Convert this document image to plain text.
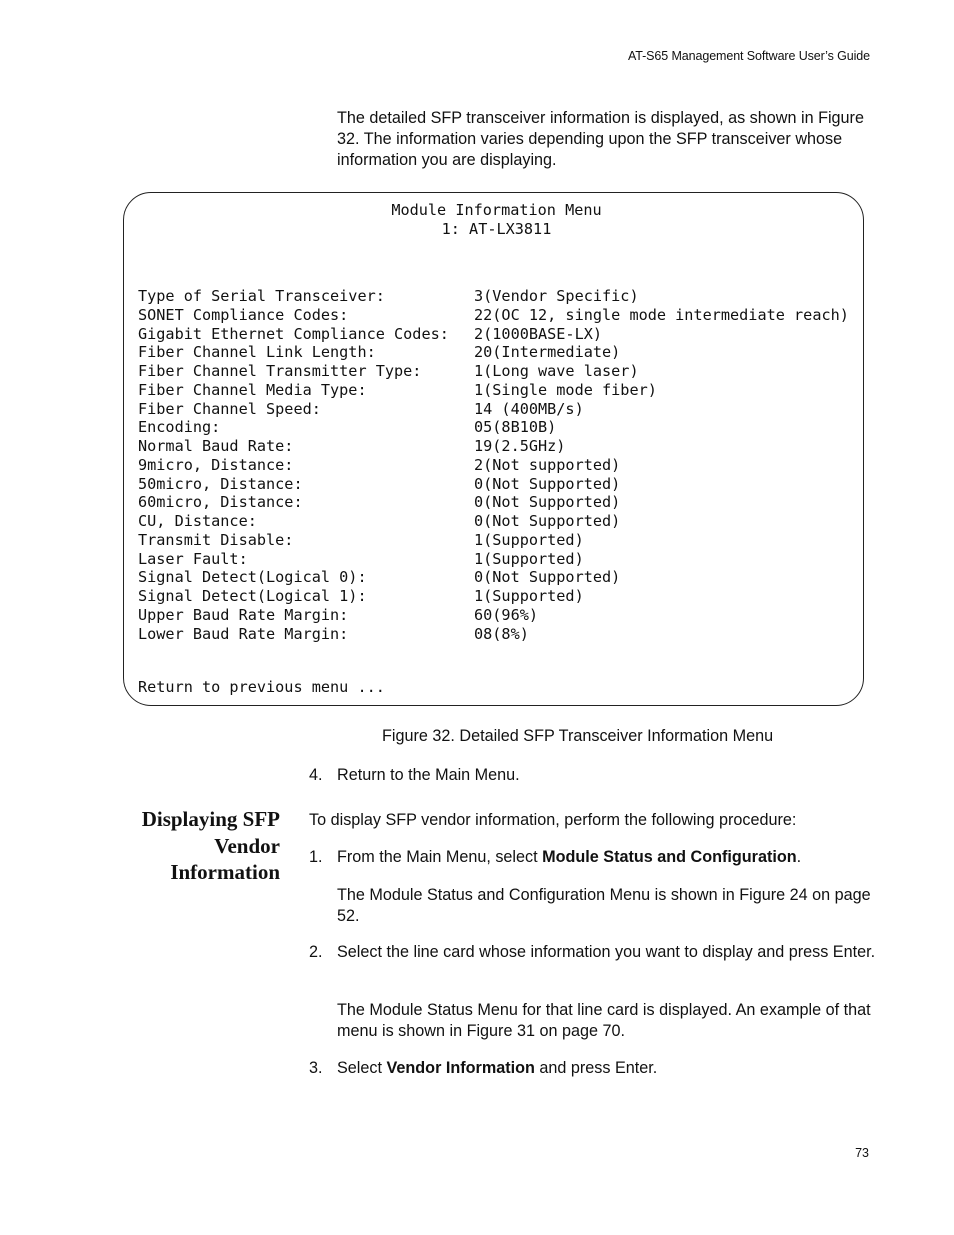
AT-S65 Management Software User’s Guide
The detailed SFP transceiver information is displayed, as shown in Figure 32. The information varies depending upon the SFP transceiver whose information you are displaying.
Module Information Menu
1: AT-LX3811
Type of Serial Transceiver:	3(Vendor Specific)
SONET Compliance Codes:	22(OC 12, single mode intermediate reach)
Gigabit Ethernet Compliance Codes: 2(1000BASE-LX)
Fiber Channel Link Length:	20(Intermediate)
Fiber Channel Transmitter Type:	1(Long wave laser)
Fiber Channel Media Type:	1(Single mode fiber)
Fiber Channel Speed:	14 (400MB/s)
Encoding:	05(8B10B)
Normal Baud Rate:	19(2.5GHz)
9micro, Distance:	2(Not supported)
50micro, Distance:	0(Not Supported)
60micro, Distance:	0(Not Supported)
CU, Distance:	0(Not Supported)
Transmit Disable:	1(Supported)
Laser Fault:	1(Supported)
Signal Detect(Logical 0):	0(Not Supported)
Signal Detect(Logical 1):	1(Supported)
Upper Baud Rate Margin:	60(96%)
Lower Baud Rate Margin:	08(8%)
Return to previous menu ...
Figure 32. Detailed SFP Transceiver Information Menu
4. Return to the Main Menu.
Displaying SFP
Vendor
Information
To display SFP vendor information, perform the following procedure:
1. From the Main Menu, select Module Status and Configuration.
The Module Status and Configuration Menu is shown in Figure 24 on page 52.
2. Select the line card whose information you want to display and press Enter.
The Module Status Menu for that line card is displayed. An example of that menu is shown in Figure 31 on page 70.
3. Select Vendor Information and press Enter.
73
